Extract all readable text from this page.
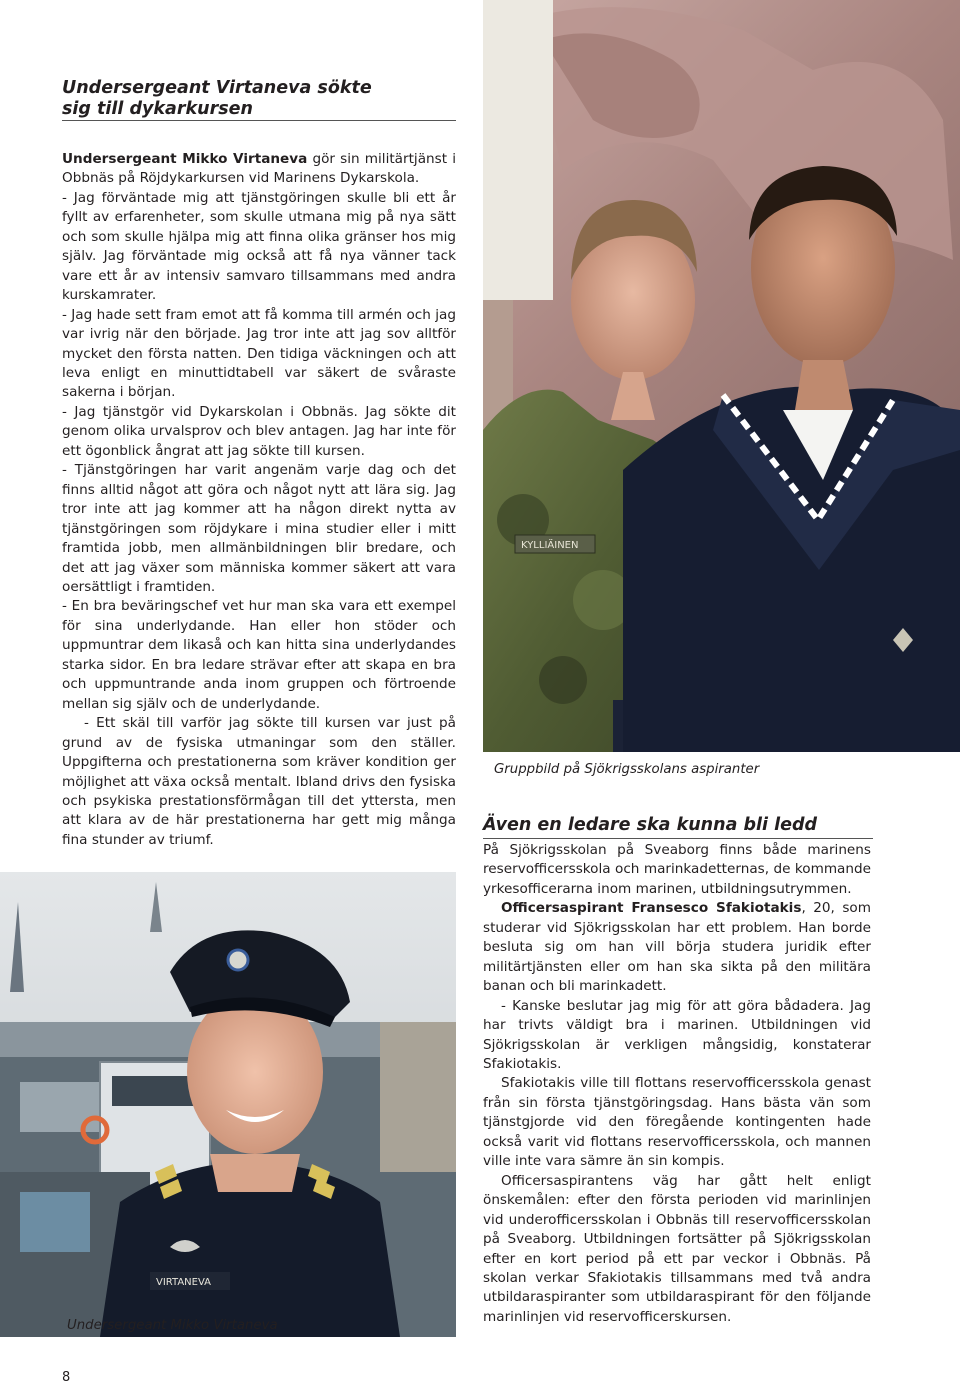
Undersergeant Virtaneva sökte
sig till dykarkursen

Undersergeant Mikko Virtaneva gör sin militärtjänst i Obbnäs på Röjdykarkursen vid Marinens Dykarskola.

- Jag förväntade mig att tjänstgöringen skulle bli ett år fyllt av erfarenheter, som skulle utmana mig på nya sätt och som skulle hjälpa mig att finna olika gränser hos mig själv. Jag förväntade mig också att få nya vänner tack vare ett år av intensiv samvaro tillsammans med andra kurskamrater.

- Jag hade sett fram emot att få komma till armén och jag var ivrig när den började. Jag tror inte att jag sov alltför mycket den första natten. Den tidiga väckningen och att leva enligt en minuttidtabell var säkert de svåraste sakerna i början.

- Jag tjänstgör vid Dykarskolan i Obbnäs. Jag sökte dit genom olika urvalsprov och blev antagen. Jag har inte för ett ögonblick ångrat att jag sökte till kursen.

- Tjänstgöringen har varit angenäm varje dag och det finns alltid något att göra och något nytt att lära sig. Jag tror inte att jag kommer att ha någon direkt nytta av tjänstgöringen som röjdykare i mina studier eller i mitt framtida jobb, men allmänbildningen blir bredare, och det att jag växer som människa kommer säkert att vara oersättligt i framtiden.

- En bra beväringschef vet hur man ska vara ett exempel för sina underlydande. Han eller hon stöder och uppmuntrar dem likaså och kan hitta sina underlydandes starka sidor. En bra ledare strävar efter att skapa en bra och uppmuntrande anda inom gruppen och förtroende mellan sig själv och de underlydande.

- Ett skäl till varför jag sökte till kursen var just på grund av de fysiska utmaningar som den ställer. Uppgifterna och prestationerna som kräver kondition ger möjlighet att växa också mentalt. Ibland drivs den fysiska och psykiska prestationsförmågan till det yttersta, men att klara av de här prestationerna har gett mig många fina stunder av triumf.

KYLLIÄINEN
Gruppbild på Sjökrigsskolans aspiranter
Även en ledare ska kunna bli ledd

På Sjökrigsskolan på Sveaborg finns både marinens reservofficersskola och marinkadetternas, de kommande yrkesofficerarna inom marinen, utbildningsutrymmen.

Officersaspirant Fransesco Sfakiotakis, 20, som studerar vid Sjökrigsskolan har ett problem. Han borde besluta sig om han vill börja studera juridik efter militärtjänsten eller om han ska sikta på den militära banan och bli marinkadett.

- Kanske beslutar jag mig för att göra bådadera. Jag har trivts väldigt bra i marinen. Utbildningen vid Sjökrigsskolan är verkligen mångsidig, konstaterar Sfakiotakis.

Sfakiotakis ville till flottans reservofficersskola genast från sin första tjänstgöringsdag. Hans bästa vän som tjänstgjorde vid den föregående kontingenten hade också varit vid flottans reservofficersskola, och mannen ville inte vara sämre än sin kompis.

Officersaspirantens väg har gått helt enligt önskemålen: efter den första perioden vid marinlinjen vid underofficersskolan i Obbnäs till reservofficersskolan på Sveaborg. Utbildningen fortsätter på Sjökrigsskolan efter en kort period på ett par veckor i Obbnäs. På skolan verkar Sfakiotakis tillsammans med två andra utbildaraspiranter som utbildaraspirant för den följande marinlinjen vid reservofficerskursen.

VIRTANEVA
Undersergeant Mikko Virtaneva
8
